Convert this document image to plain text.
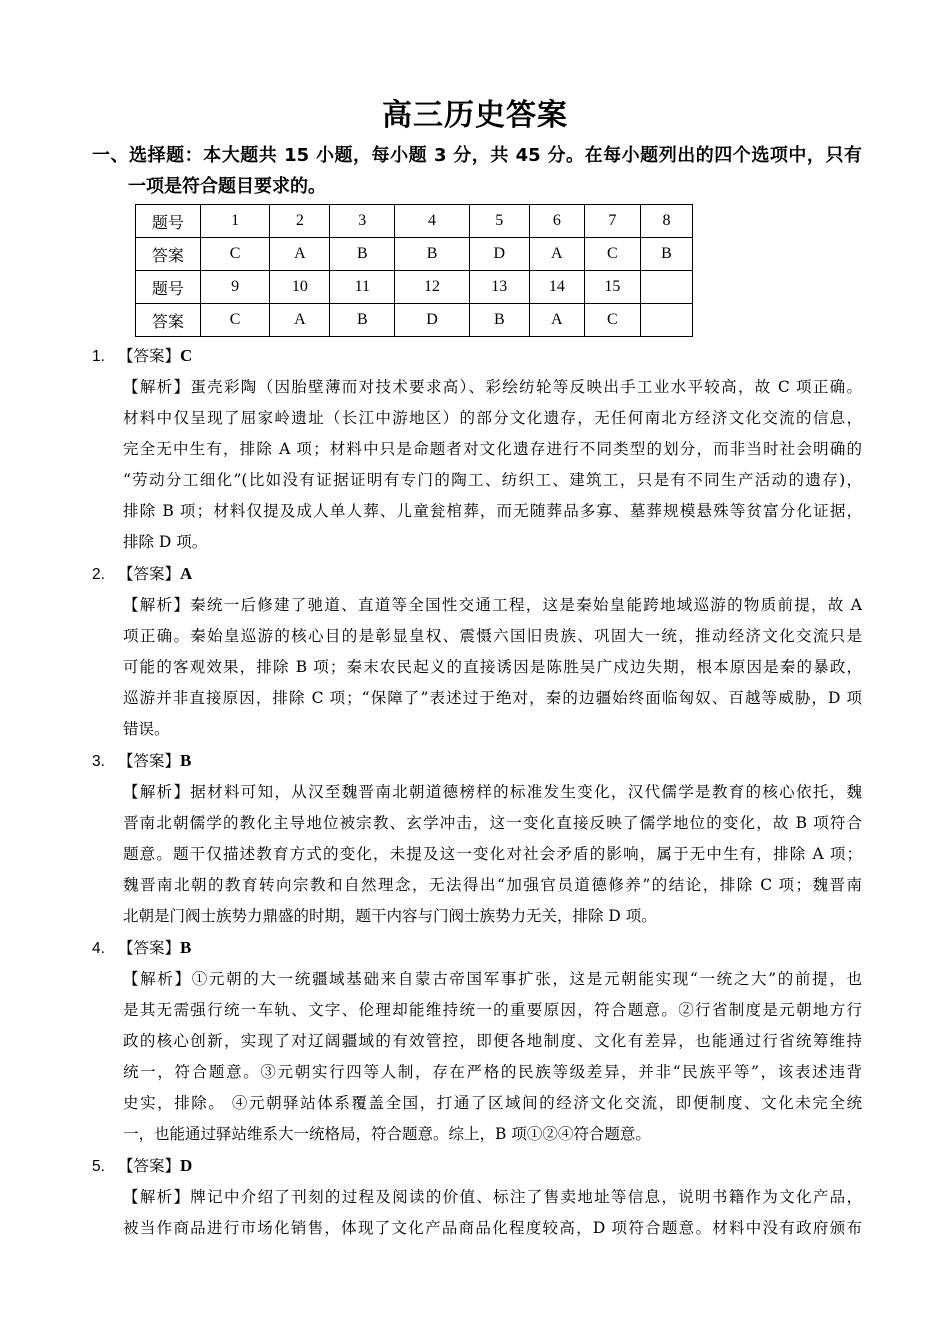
高三历史答案
一、选择题：本大题共 15 小题，每小题 3 分，共 45 分。在每小题列出的四个选项中，只有
一项是符合题目要求的。
题号	1	2	3	4	5	6	7	8
答案	C	A	B	B	D	A	C	B
题号	9	10	11	12	13	14	15	
答案	C	A	B	D	B	A	C	
1. 【答案】C
【解析】蛋壳彩陶（因胎壁薄而对技术要求高）、彩绘纺轮等反映出手工业水平较高，故 C 项正确。
材料中仅呈现了屈家岭遗址（长江中游地区）的部分文化遗存，无任何南北方经济文化交流的信息，
完全无中生有，排除 A 项；材料中只是命题者对文化遗存进行不同类型的划分，而非当时社会明确的
“劳动分工细化”(比如没有证据证明有专门的陶工、纺织工、建筑工，只是有不同生产活动的遗存)，
排除 B 项；材料仅提及成人单人葬、儿童瓮棺葬，而无随葬品多寡、墓葬规模悬殊等贫富分化证据，
排除 D 项。
2. 【答案】A
【解析】秦统一后修建了驰道、直道等全国性交通工程，这是秦始皇能跨地域巡游的物质前提，故 A
项正确。秦始皇巡游的核心目的是彰显皇权、震慑六国旧贵族、巩固大一统，推动经济文化交流只是
可能的客观效果，排除 B 项；秦末农民起义的直接诱因是陈胜吴广戍边失期，根本原因是秦的暴政，
巡游并非直接原因，排除 C 项；“保障了”表述过于绝对，秦的边疆始终面临匈奴、百越等威胁，D 项
错误。
3. 【答案】B
【解析】据材料可知，从汉至魏晋南北朝道德榜样的标准发生变化，汉代儒学是教育的核心依托，魏
晋南北朝儒学的教化主导地位被宗教、玄学冲击，这一变化直接反映了儒学地位的变化，故 B 项符合
题意。题干仅描述教育方式的变化，未提及这一变化对社会矛盾的影响，属于无中生有，排除 A 项；
魏晋南北朝的教育转向宗教和自然理念，无法得出“加强官员道德修养”的结论，排除 C 项；魏晋南
北朝是门阀士族势力鼎盛的时期，题干内容与门阀士族势力无关，排除 D 项。
4. 【答案】B
【解析】①元朝的大一统疆域基础来自蒙古帝国军事扩张，这是元朝能实现“一统之大”的前提，也
是其无需强行统一车轨、文字、伦理却能维持统一的重要原因，符合题意。②行省制度是元朝地方行
政的核心创新，实现了对辽阔疆域的有效管控，即便各地制度、文化有差异，也能通过行省统筹维持
统一，符合题意。③元朝实行四等人制，存在严格的民族等级差异，并非“民族平等”，该表述违背
史实，排除。 ④元朝驿站体系覆盖全国，打通了区域间的经济文化交流，即便制度、文化未完全统
一，也能通过驿站维系大一统格局，符合题意。综上，B 项①②④符合题意。
5. 【答案】D
【解析】牌记中介绍了刊刻的过程及阅读的价值、标注了售卖地址等信息，说明书籍作为文化产品，
被当作商品进行市场化销售，体现了文化产品商品化程度较高，D 项符合题意。材料中没有政府颁布
